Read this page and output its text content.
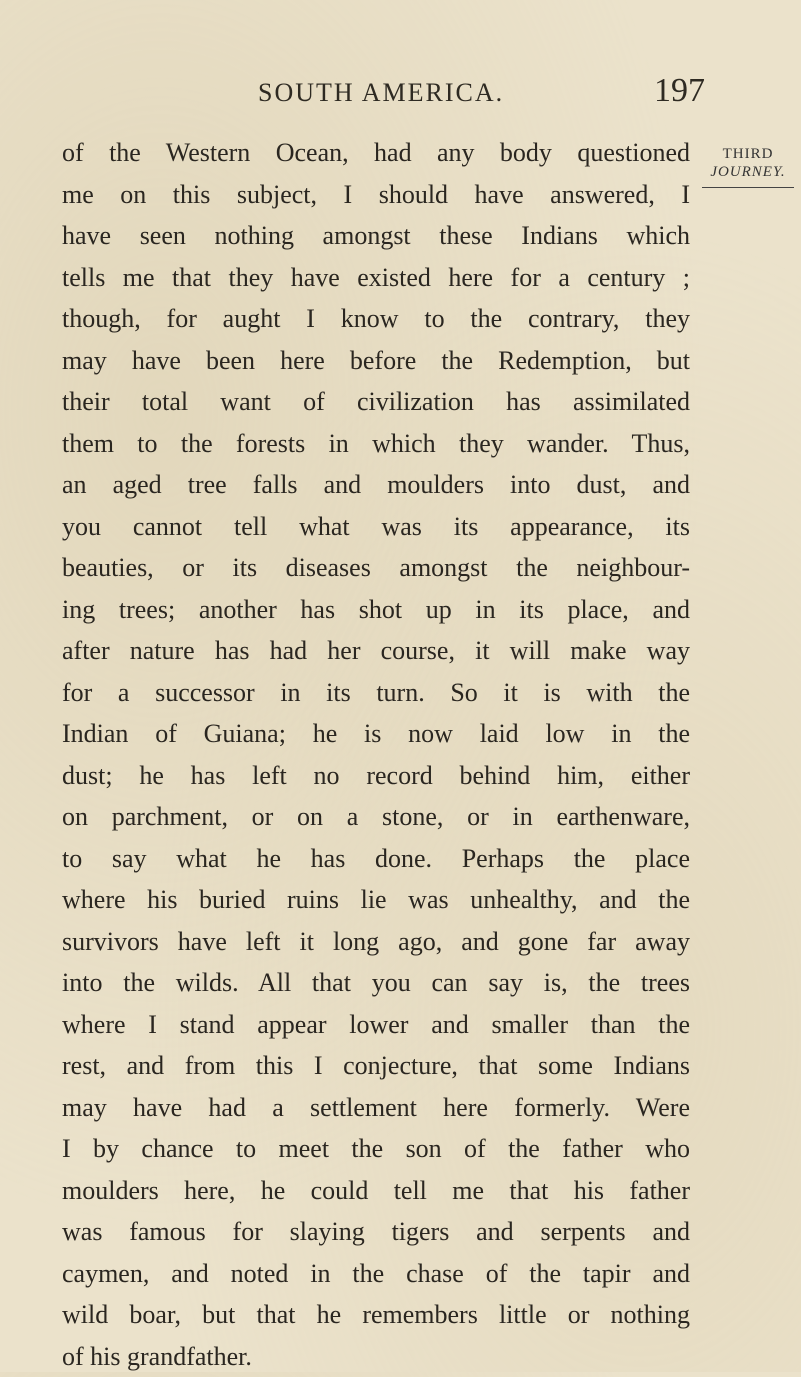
SOUTH AMERICA.	197
THIRD
JOURNEY.
of the Western Ocean, had any body questioned
me on this subject, I should have answered, I
have seen nothing amongst these Indians which
tells me that they have existed here for a century ;
though, for aught I know to the contrary, they
may have been here before the Redemption, but
their total want of civilization has assimilated
them to the forests in which they wander. Thus,
an aged tree falls and moulders into dust, and
you cannot tell what was its appearance, its
beauties, or its diseases amongst the neighbour-
ing trees; another has shot up in its place, and
after nature has had her course, it will make way
for a successor in its turn. So it is with the
Indian of Guiana; he is now laid low in the
dust; he has left no record behind him, either
on parchment, or on a stone, or in earthenware,
to say what he has done. Perhaps the place
where his buried ruins lie was unhealthy, and the
survivors have left it long ago, and gone far away
into the wilds. All that you can say is, the trees
where I stand appear lower and smaller than the
rest, and from this I conjecture, that some Indians
may have had a settlement here formerly. Were
I by chance to meet the son of the father who
moulders here, he could tell me that his father
was famous for slaying tigers and serpents and
caymen, and noted in the chase of the tapir and
wild boar, but that he remembers little or nothing
of his grandfather.
